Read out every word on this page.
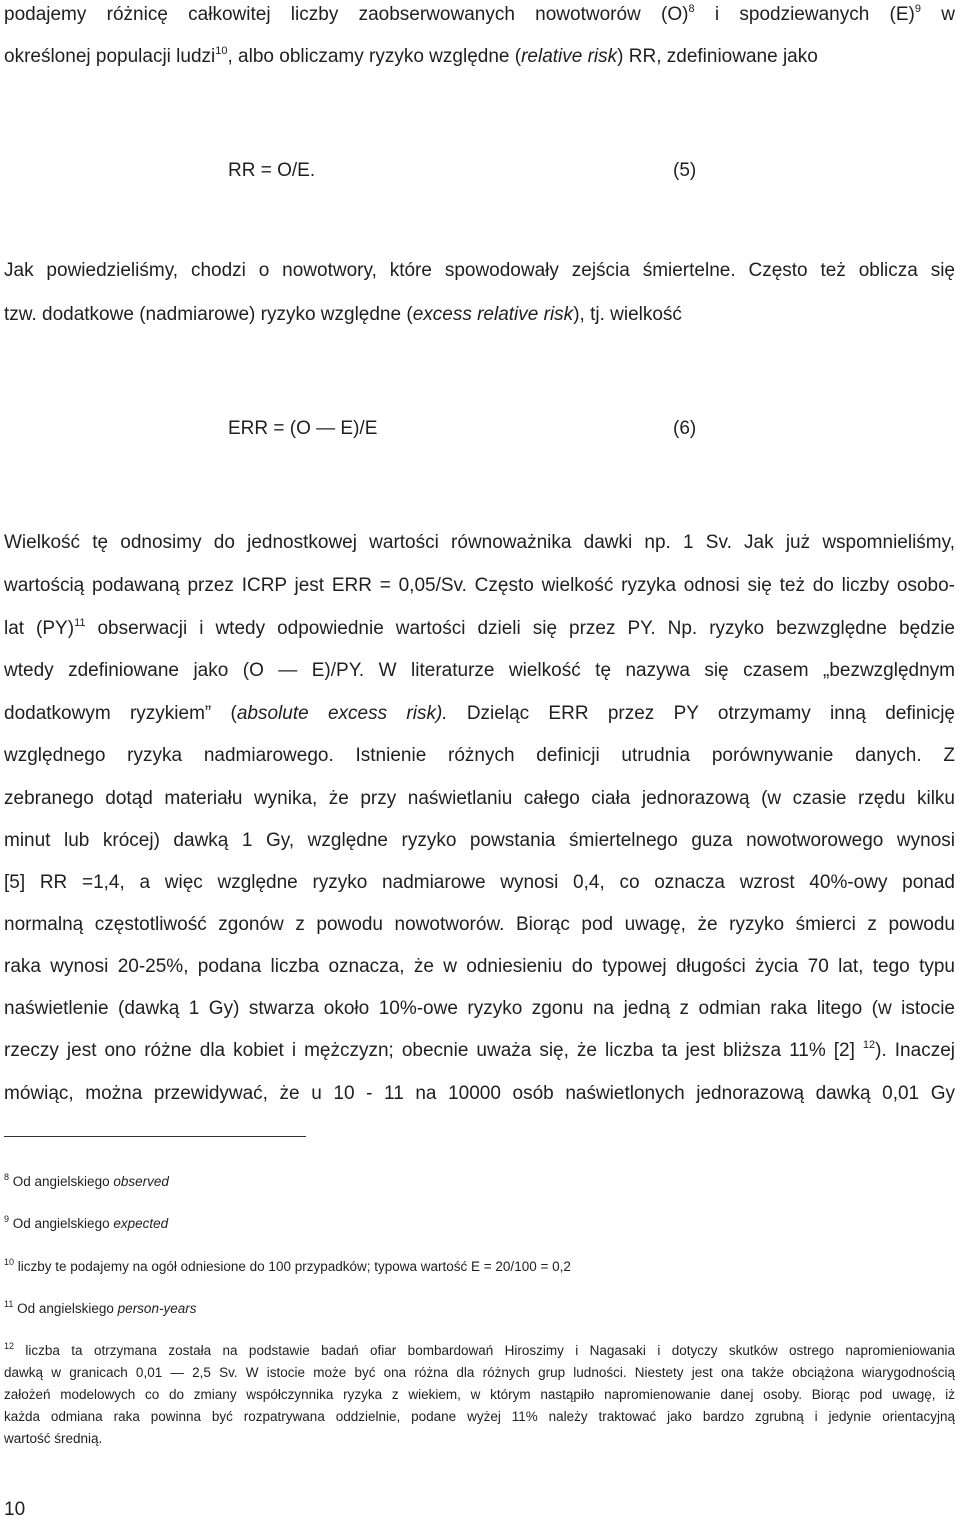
podajemy różnicę całkowitej liczby zaobserwowanych nowotworów $(O)^8$ i spodziewanych $(E)^9$ w
określonej populacji ludzi$^{10}$, albo obliczamy ryzyko względne (relative risk) RR, zdefiniowane jako
RR = O/E.	(5)
Jak powiedzieliśmy, chodzi o nowotwory, które spowodowały zejścia śmiertelne. Często też oblicza się
tzw. dodatkowe (nadmiarowe) ryzyko względne (excess relative risk), tj. wielkość
ERR = (O — E)/E	(6)
Wielkość tę odnosimy do jednostkowej wartości równoważnika dawki np. 1 Sv. Jak już wspomnieliśmy,
wartością podawaną przez ICRP jest ERR = 0,05/Sv. Często wielkość ryzyka odnosi się też do liczby osobo-
lat (PY)$^{11}$ obserwacji i wtedy odpowiednie wartości dzieli się przez PY. Np. ryzyko bezwzględne będzie
wtedy zdefiniowane jako (O — E)/PY. W literaturze wielkość tę nazywa się czasem „bezwzględnym
dodatkowym ryzykiem” (absolute excess risk). Dzieląc ERR przez PY otrzymamy inną definicję
względnego ryzyka nadmiarowego. Istnienie różnych definicji utrudnia porównywanie danych. Z
zebranego dotąd materiału wynika, że przy naświetlaniu całego ciała jednorazową (w czasie rzędu kilku
minut lub krócej) dawką 1 Gy, względne ryzyko powstania śmiertelnego guza nowotworowego wynosi
[5] RR =1,4, a więc względne ryzyko nadmiarowe wynosi 0,4, co oznacza wzrost 40%-owy ponad
normalną częstotliwość zgonów z powodu nowotworów. Biorąc pod uwagę, że ryzyko śmierci z powodu
raka wynosi 20-25%, podana liczba oznacza, że w odniesieniu do typowej długości życia 70 lat, tego typu
naświetlenie (dawką 1 Gy) stwarza około 10%-owe ryzyko zgonu na jedną z odmian raka litego (w istocie
rzeczy jest ono różne dla kobiet i mężczyzn; obecnie uważa się, że liczba ta jest bliższa 11% [2] $^{12}$). Inaczej
mówiąc, można przewidywać, że u 10 - 11 na 10000 osób naświetlonych jednorazową dawką 0,01 Gy
$^8$ Od angielskiego observed
$^9$ Od angielskiego expected
$^{10}$ liczby te podajemy na ogół odniesione do 100 przypadków; typowa wartość E = 20/100 = 0,2
$^{11}$ Od angielskiego person-years
$^{12}$ liczba ta otrzymana została na podstawie badań ofiar bombardowań Hiroszimy i Nagasaki i dotyczy skutków ostrego napromieniowania
dawką w granicach 0,01 — 2,5 Sv. W istocie może być ona różna dla różnych grup ludności. Niestety jest ona także obciążona wiarygodnością
założeń modelowych co do zmiany współczynnika ryzyka z wiekiem, w którym nastąpiło napromienowanie danej osoby. Biorąc pod uwagę, iż
każda odmiana raka powinna być rozpatrywana oddzielnie, podane wyżej 11% należy traktować jako bardzo zgrubną i jedynie orientacyjną
wartość średnią.
10
